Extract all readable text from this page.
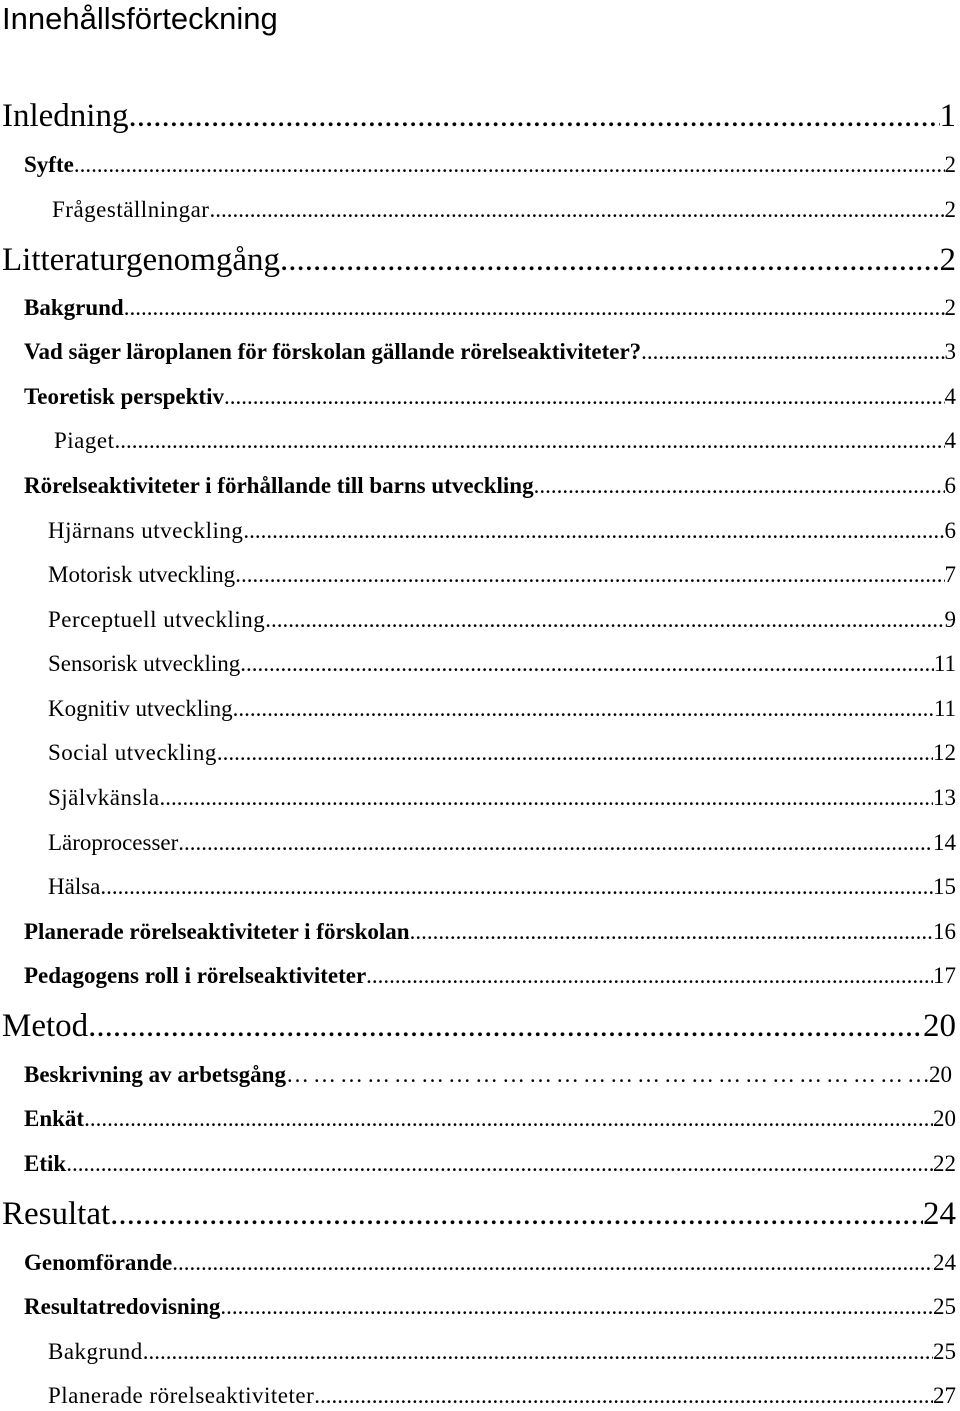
Innehållsförteckning
Inledning .....	1
Syfte .....	2
Frågeställningar .....	2
Litteraturgenomgång .....	2
Bakgrund .....	2
Vad säger läroplanen för förskolan gällande rörelseaktiviteter? .....	3
Teoretisk perspektiv .....	4
Piaget .....	4
Rörelseaktiviteter i förhållande till barns utveckling .....	6
Hjärnans utveckling .....	6
Motorisk utveckling .....	7
Perceptuell utveckling .....	9
Sensorisk utveckling .....	11
Kognitiv utveckling .....	11
Social utveckling .....	12
Självkänsla .....	13
Läroprocesser .....	14
Hälsa .....	15
Planerade rörelseaktiviteter i förskolan .....	16
Pedagogens roll i rörelseaktiviteter .....	17
Metod .....	20
Beskrivning av arbetsgång ………………………………………………………………………………………………………………………………………………	20
Enkät .....	20
Etik .....	22
Resultat .....	24
Genomförande .....	24
Resultatredovisning .....	25
Bakgrund .....	25
Planerade rörelseaktiviteter .....	27
